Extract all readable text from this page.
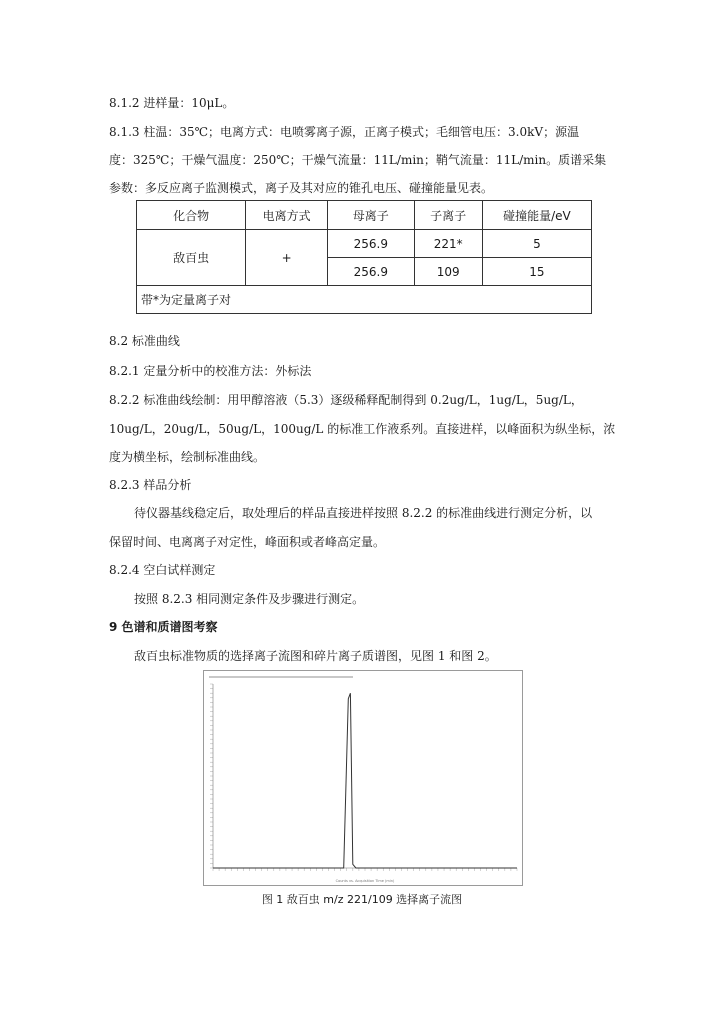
8.1.2 进样量：10μL。
8.1.3 柱温：35℃；电离方式：电喷雾离子源，正离子模式；毛细管电压：3.0kV；源温
度：325℃；干燥气温度：250℃；干燥气流量：11L/min；鞘气流量：11L/min。质谱采集
参数：多反应离子监测模式，离子及其对应的锥孔电压、碰撞能量见表。
化合物	电离方式	母离子	子离子	碰撞能量/eV
敌百虫	+	256.9	221*	5
		256.9	109	15
带*为定量离子对				
8.2 标准曲线
8.2.1 定量分析中的校准方法：外标法
8.2.2 标准曲线绘制：用甲醇溶液（5.3）逐级稀释配制得到 0.2ug/L，1ug/L，5ug/L，
10ug/L，20ug/L，50ug/L，100ug/L 的标准工作液系列。直接进样，以峰面积为纵坐标，浓
度为横坐标，绘制标准曲线。
8.2.3 样品分析
待仪器基线稳定后，取处理后的样品直接进样按照 8.2.2 的标准曲线进行测定分析，以
保留时间、电离离子对定性，峰面积或者峰高定量。
8.2.4 空白试样测定
按照 8.2.3 相同测定条件及步骤进行测定。
9 色谱和质谱图考察
敌百虫标准物质的选择离子流图和碎片离子质谱图，见图 1 和图 2。
Counts vs. Acquisition Time (min)
图 1 敌百虫 m/z 221/109 选择离子流图
